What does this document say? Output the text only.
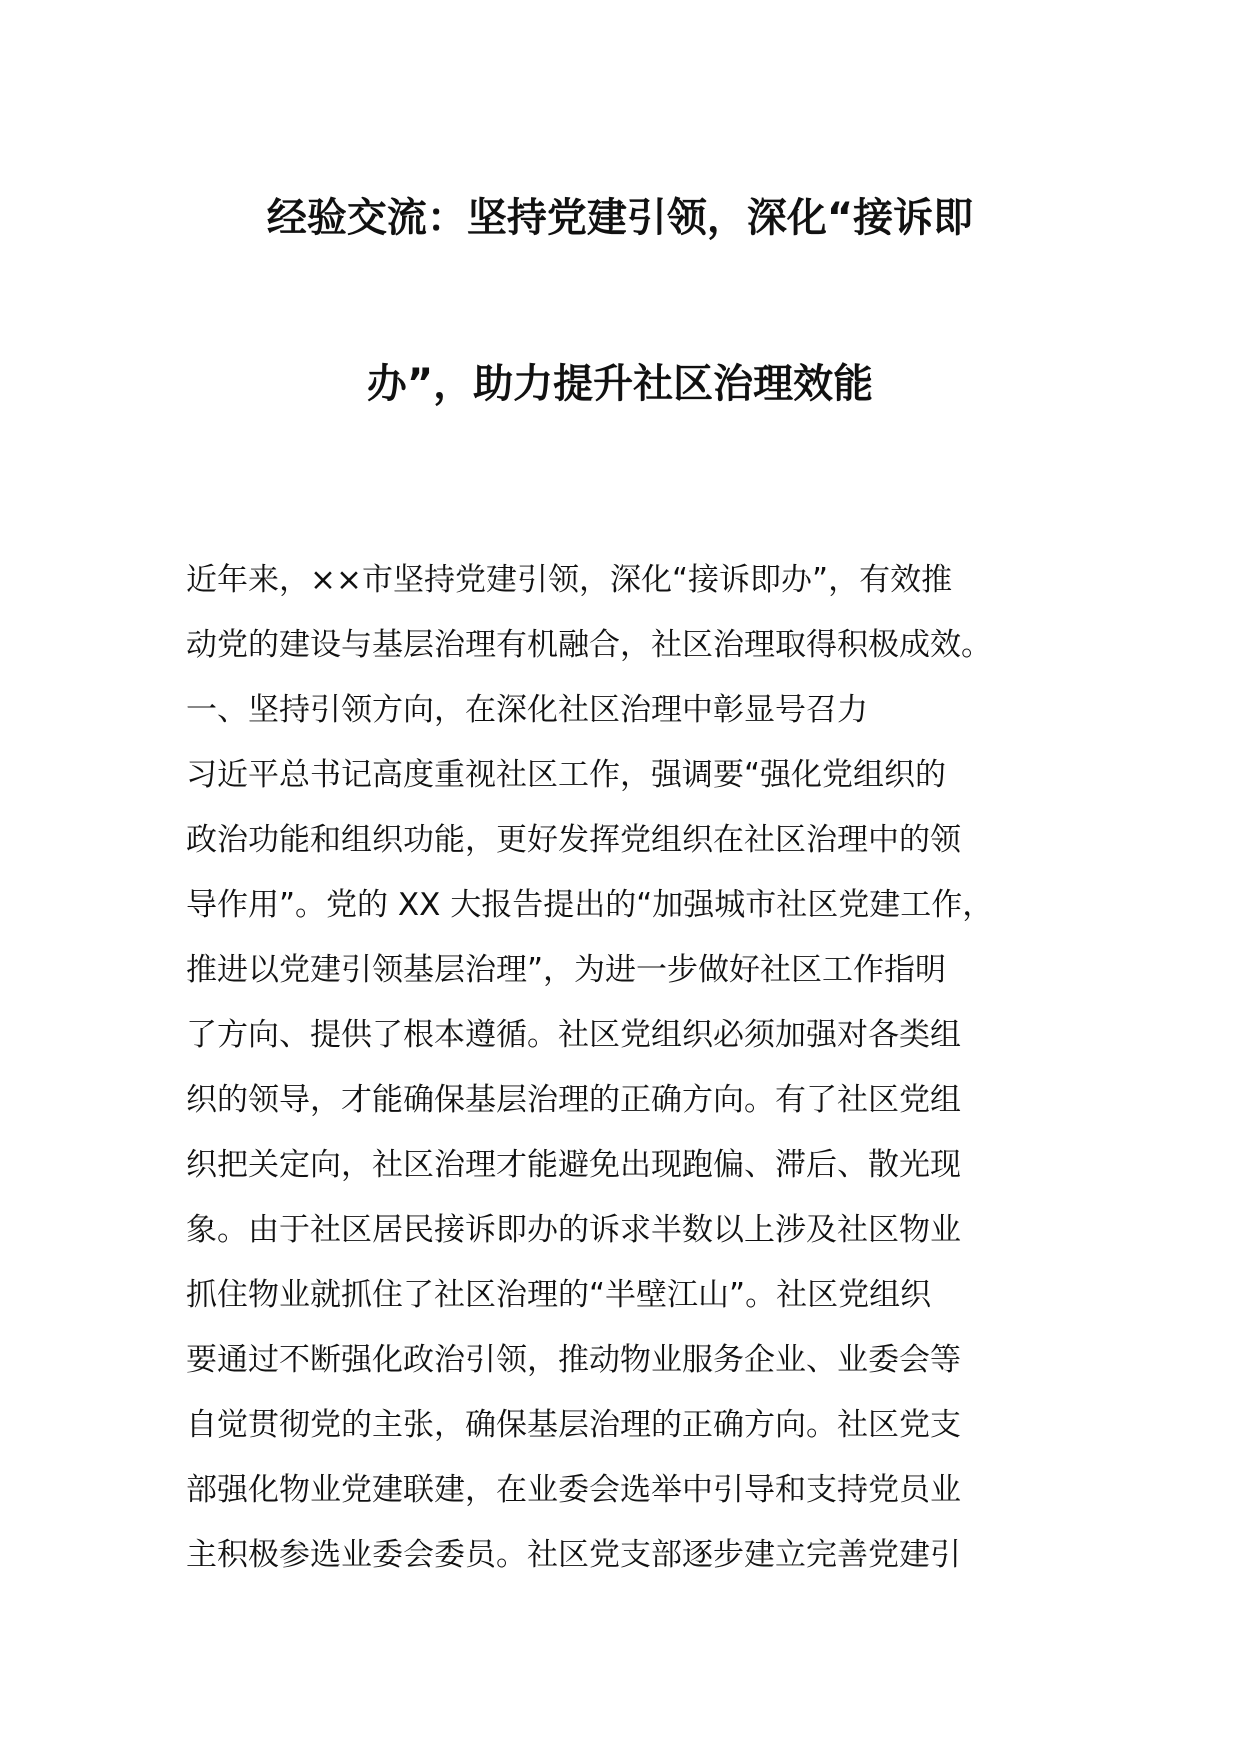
经验交流：坚持党建引领，深化“接诉即
办”，助力提升社区治理效能
近年来，××市坚持党建引领，深化“接诉即办”，有效推
动党的建设与基层治理有机融合，社区治理取得积极成效。
一、坚持引领方向，在深化社区治理中彰显号召力
习近平总书记高度重视社区工作，强调要“强化党组织的
政治功能和组织功能，更好发挥党组织在社区治理中的领
导作用”。党的 XX 大报告提出的“加强城市社区党建工作，
推进以党建引领基层治理”，为进一步做好社区工作指明
了方向、提供了根本遵循。社区党组织必须加强对各类组
织的领导，才能确保基层治理的正确方向。有了社区党组
织把关定向，社区治理才能避免出现跑偏、滞后、散光现
象。由于社区居民接诉即办的诉求半数以上涉及社区物业
抓住物业就抓住了社区治理的“半壁江山”。社区党组织
要通过不断强化政治引领，推动物业服务企业、业委会等
自觉贯彻党的主张，确保基层治理的正确方向。社区党支
部强化物业党建联建，在业委会选举中引导和支持党员业
主积极参选业委会委员。社区党支部逐步建立完善党建引
